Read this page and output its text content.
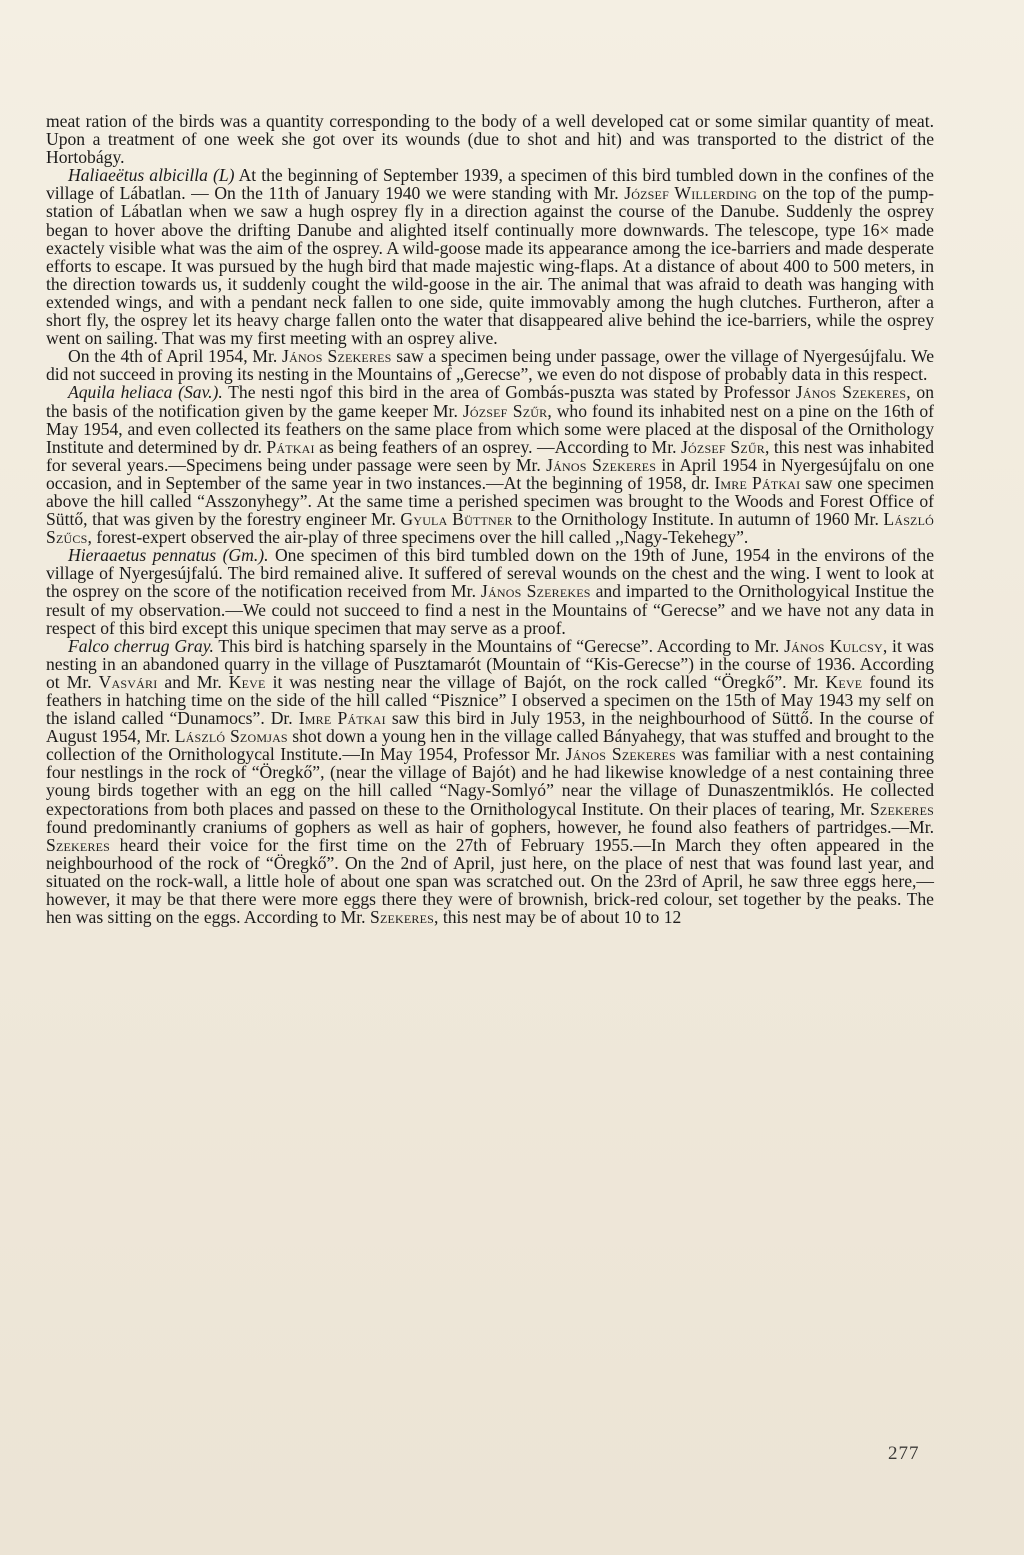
meat ration of the birds was a quantity corresponding to the body of a well developed cat or some similar quantity of meat. Upon a treatment of one week she got over its wounds (due to shot and hit) and was transported to the district of the Hortobágy.

Haliaeëtus albicilla (L) At the beginning of September 1939, a specimen of this bird tumbled down in the confines of the village of Lábatlan. — On the 11th of January 1940 we were standing with Mr. József Willerding on the top of the pump-station of Lábatlan when we saw a hugh osprey fly in a direction against the course of the Danube. Suddenly the osprey began to hover above the drifting Danube and alighted itself continually more downwards. The telescope, type 16× made exactely visible what was the aim of the osprey. A wild-goose made its appearance among the ice-barriers and made desperate efforts to escape. It was pursued by the hugh bird that made majestic wing-flaps. At a distance of about 400 to 500 meters, in the direction towards us, it suddenly cought the wild-goose in the air. The animal that was afraid to death was hanging with extended wings, and with a pendant neck fallen to one side, quite immovably among the hugh clutches. Furtheron, after a short fly, the osprey let its heavy charge fallen onto the water that disappeared alive behind the ice-barriers, while the osprey went on sailing. That was my first meeting with an osprey alive.

On the 4th of April 1954, Mr. János Szekeres saw a specimen being under passage, ower the village of Nyergesújfalu. We did not succeed in proving its nesting in the Mountains of „Gerecse”, we even do not dispose of probably data in this respect.

Aquila heliaca (Sav.). The nesti ngof this bird in the area of Gombás-puszta was stated by Professor János Szekeres, on the basis of the notification given by the game keeper Mr. József Szűr, who found its inhabited nest on a pine on the 16th of May 1954, and even collected its feathers on the same place from which some were placed at the disposal of the Ornithology Institute and determined by dr. Pátkai as being feathers of an osprey. —According to Mr. József Szűr, this nest was inhabited for several years.—Specimens being under passage were seen by Mr. János Szekeres in April 1954 in Nyergesújfalu on one occasion, and in September of the same year in two instances.—At the beginning of 1958, dr. Imre Pátkai saw one specimen above the hill called “Asszonyhegy”. At the same time a perished specimen was brought to the Woods and Forest Office of Süttő, that was given by the forestry engineer Mr. Gyula Büttner to the Ornithology Institute. In autumn of 1960 Mr. László Szűcs, forest-expert observed the air-play of three specimens over the hill called ,,Nagy-Tekehegy”.

Hieraaetus pennatus (Gm.). One specimen of this bird tumbled down on the 19th of June, 1954 in the environs of the village of Nyergesújfalú. The bird remained alive. It suffered of sereval wounds on the chest and the wing. I went to look at the osprey on the score of the notification received from Mr. János Szerekes and imparted to the Ornithologyical Institue the result of my observation.—We could not succeed to find a nest in the Mountains of “Gerecse” and we have not any data in respect of this bird except this unique specimen that may serve as a proof.

Falco cherrug Gray. This bird is hatching sparsely in the Mountains of “Gerecse”. According to Mr. János Kulcsy, it was nesting in an abandoned quarry in the village of Pusztamarót (Mountain of “Kis-Gerecse”) in the course of 1936. According ot Mr. Vasvári and Mr. Keve it was nesting near the village of Bajót, on the rock called “Öregkő”. Mr. Keve found its feathers in hatching time on the side of the hill called “Pisznice” I observed a specimen on the 15th of May 1943 my self on the island called “Dunamocs”. Dr. Imre Pátkai saw this bird in July 1953, in the neighbourhood of Süttő. In the course of August 1954, Mr. László Szomjas shot down a young hen in the village called Bányahegy, that was stuffed and brought to the collection of the Ornithologycal Institute.—In May 1954, Professor Mr. János Szekeres was familiar with a nest containing four nestlings in the rock of “Öregkő”, (near the village of Bajót) and he had likewise knowledge of a nest containing three young birds together with an egg on the hill called “Nagy-Somlyó” near the village of Dunaszentmiklós. He collected expectorations from both places and passed on these to the Ornithologycal Institute. On their places of tearing, Mr. Szekeres found predominantly craniums of gophers as well as hair of gophers, however, he found also feathers of partridges.—Mr. Szekeres heard their voice for the first time on the 27th of February 1955.—In March they often appeared in the neighbourhood of the rock of “Öregkő”. On the 2nd of April, just here, on the place of nest that was found last year, and situated on the rock-wall, a little hole of about one span was scratched out. On the 23rd of April, he saw three eggs here,—however, it may be that there were more eggs there they were of brownish, brick-red colour, set together by the peaks. The hen was sitting on the eggs. According to Mr. Szekeres, this nest may be of about 10 to 12

277
